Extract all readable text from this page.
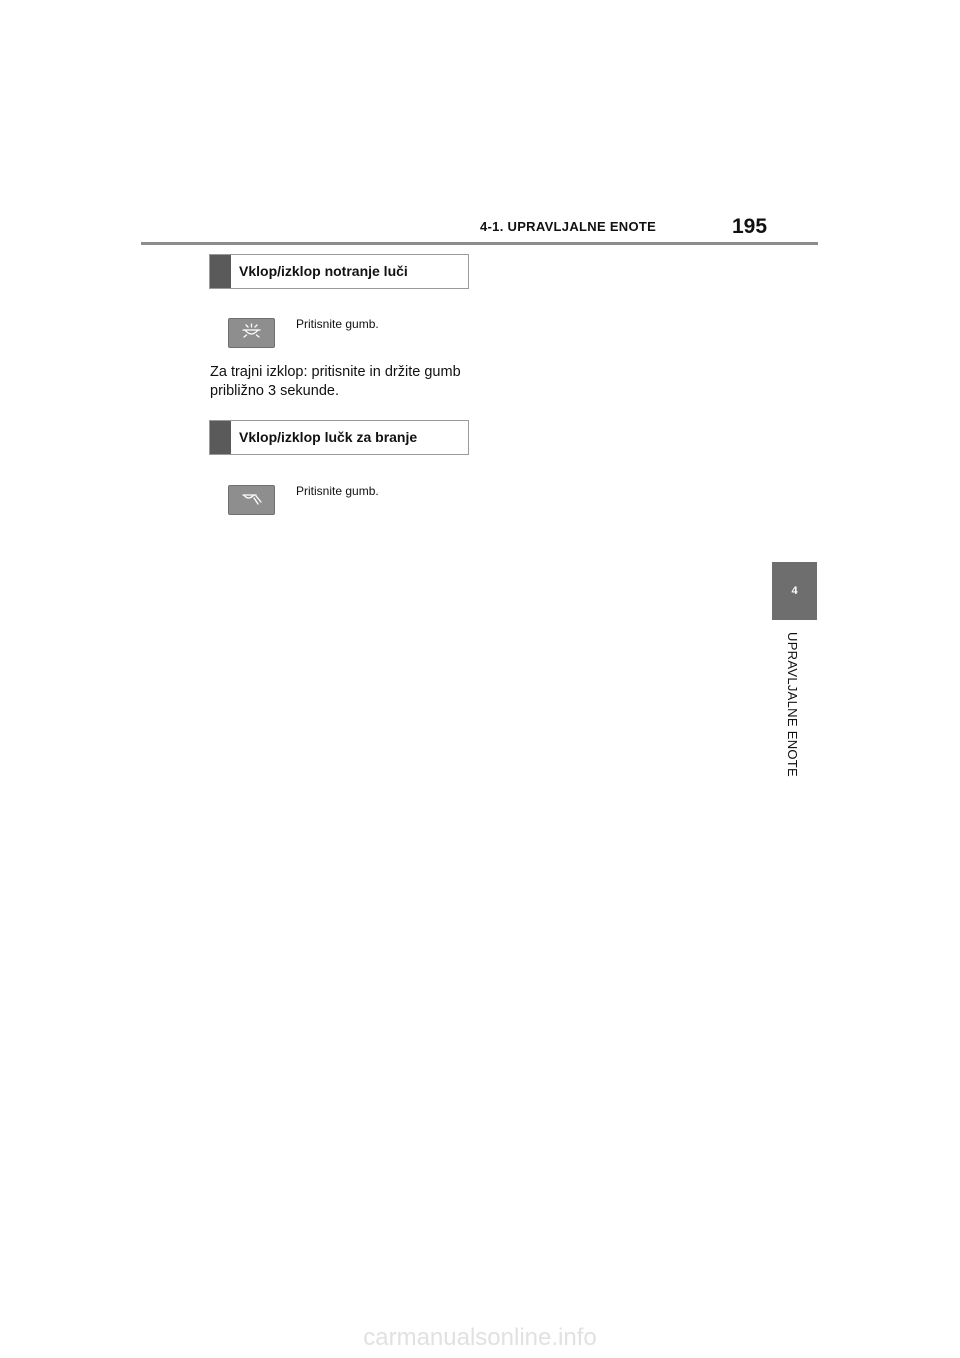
4-1. UPRAVLJALNE ENOTE	195
Vklop/izklop notranje luči
Pritisnite gumb.
Za trajni izklop: pritisnite in držite gumb približno 3 sekunde.
Vklop/izklop lučk za branje
Pritisnite gumb.
4
UPRAVLJALNE ENOTE
carmanualsonline.info
